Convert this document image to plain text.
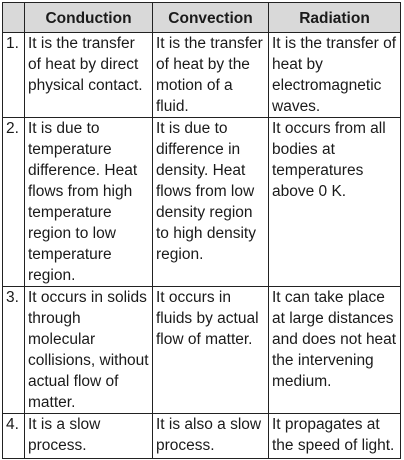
	Conduction	Convection	Radiation
1.	It is the transfer of heat by direct physical contact.	It is the transfer of heat by the motion of a fluid.	It is the transfer of heat by electromagnetic waves.
2.	It is due to temperature difference. Heat flows from high temperature region to low temperature region.	It is due to difference in density. Heat flows from low density region to high density region.	It occurs from all bodies at temperatures above 0 K.
3.	It occurs in solids through molecular collisions, without actual flow of matter.	It occurs in fluids by actual flow of matter.	It can take place at large distances and does not heat the intervening medium.
4.	It is a slow process.	It is also a slow process.	It propagates at the speed of light.
